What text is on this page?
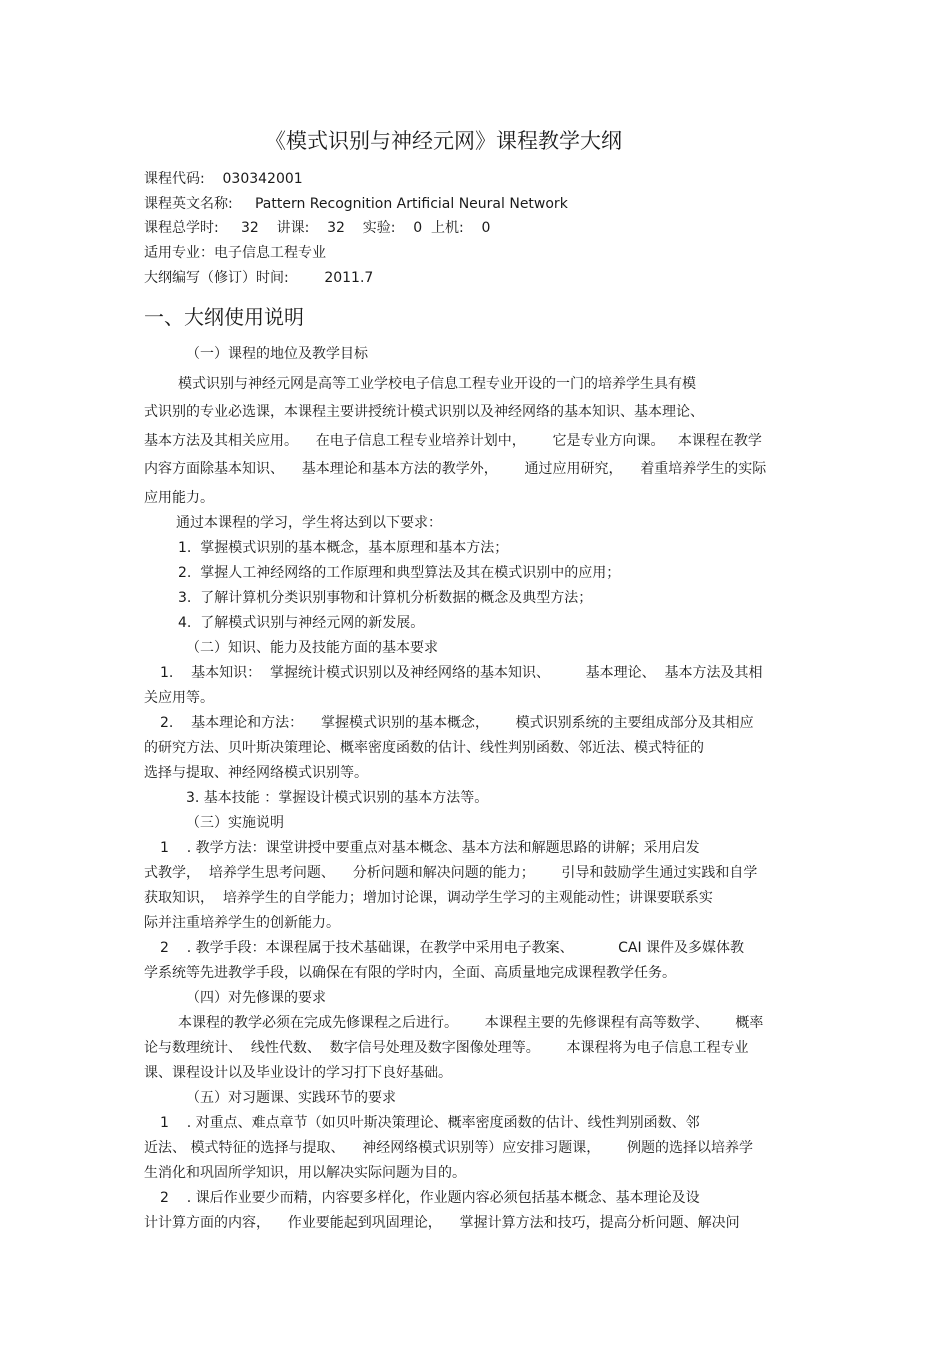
《模式识别与神经元网》课程教学大纲
课程代码:    030342001
课程英文名称:     Pattern Recognition Artificial Neural Network
课程总学时:     32    讲课:    32    实验:    0  上机:    0
适用专业：电子信息工程专业
大纲编写（修订）时间:        2011.7
一、大纲使用说明
（一）课程的地位及教学目标
模式识别与神经元网是高等工业学校电子信息工程专业开设的一门的培养学生具有模
式识别的专业必选课，本课程主要讲授统计模式识别以及神经网络的基本知识、基本理论、
基本方法及其相关应用。    在电子信息工程专业培养计划中，      它是专业方向课。   本课程在教学
内容方面除基本知识、    基本理论和基本方法的教学外，      通过应用研究，    着重培养学生的实际
应用能力。
通过本课程的学习，学生将达到以下要求：
1.  掌握模式识别的基本概念，基本原理和基本方法；
2.  掌握人工神经网络的工作原理和典型算法及其在模式识别中的应用；
3.  了解计算机分类识别事物和计算机分析数据的概念及典型方法；
4.  了解模式识别与神经元网的新发展。
（二）知识、能力及技能方面的基本要求
1.    基本知识：  掌握统计模式识别以及神经网络的基本知识、        基本理论、  基本方法及其相
关应用等。
2.    基本理论和方法：    掌握模式识别的基本概念，      模式识别系统的主要组成部分及其相应
的研究方法、贝叶斯决策理论、概率密度函数的估计、线性判别函数、邻近法、模式特征的
选择与提取、神经网络模式识别等。
3. 基本技能 ：掌握设计模式识别的基本方法等。
（三）实施说明
1    . 教学方法：课堂讲授中要重点对基本概念、基本方法和解题思路的讲解；采用启发
式教学，  培养学生思考问题、    分析问题和解决问题的能力；      引导和鼓励学生通过实践和自学
获取知识，  培养学生的自学能力；增加讨论课，调动学生学习的主观能动性；讲课要联系实
际并注重培养学生的创新能力。
2    . 教学手段：本课程属于技术基础课，在教学中采用电子教案、          CAI 课件及多媒体教
学系统等先进教学手段，以确保在有限的学时内，全面、高质量地完成课程教学任务。
（四）对先修课的要求
本课程的教学必须在完成先修课程之后进行。      本课程主要的先修课程有高等数学、      概率
论与数理统计、  线性代数、  数字信号处理及数字图像处理等。      本课程将为电子信息工程专业
课、课程设计以及毕业设计的学习打下良好基础。
（五）对习题课、实践环节的要求
1    . 对重点、难点章节（如贝叶斯决策理论、概率密度函数的估计、线性判别函数、邻
近法、 模式特征的选择与提取、    神经网络模式识别等）应安排习题课，      例题的选择以培养学
生消化和巩固所学知识，用以解决实际问题为目的。
2    . 课后作业要少而精，内容要多样化，作业题内容必须包括基本概念、基本理论及设
计计算方面的内容，    作业要能起到巩固理论，    掌握计算方法和技巧，提高分析问题、解决问
